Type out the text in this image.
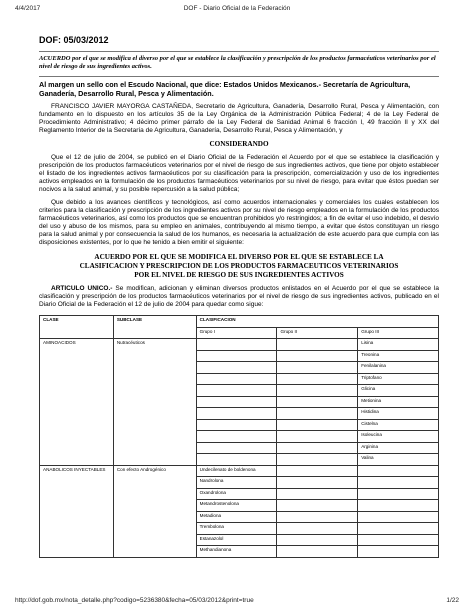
4/4/2017	DOF - Diario Oficial de la Federación
DOF: 05/03/2012
ACUERDO por el que se modifica el diverso por el que se establece la clasificación y prescripción de los productos farmacéuticos veterinarios por el nivel de riesgo de sus ingredientes activos.
Al margen un sello con el Escudo Nacional, que dice: Estados Unidos Mexicanos.- Secretaría de Agricultura, Ganadería, Desarrollo Rural, Pesca y Alimentación.

FRANCISCO JAVIER MAYORGA CASTAÑEDA, Secretario de Agricultura, Ganadería, Desarrollo Rural, Pesca y Alimentación, con fundamento en lo dispuesto en los artículos 35 de la Ley Orgánica de la Administración Pública Federal; 4 de la Ley Federal de Procedimiento Administrativo; 4 décimo primer párrafo de la Ley Federal de Sanidad Animal 6 fracción I, 49 fracción II y XX del Reglamento Interior de la Secretaría de Agricultura, Ganadería, Desarrollo Rural, Pesca y Alimentación, y

CONSIDERANDO

Que el 12 de julio de 2004, se publicó en el Diario Oficial de la Federación el Acuerdo por el que se establece la clasificación y prescripción de los productos farmacéuticos veterinarios por el nivel de riesgo de sus ingredientes activos, que tiene por objeto establecer el listado de los ingredientes activos farmacéuticos por su clasificación para la prescripción, comercialización y uso de los ingredientes activos empleados en la formulación de los productos farmacéuticos veterinarios por su nivel de riesgo, para evitar que éstos puedan ser nocivos a la salud animal, y su posible repercusión a la salud pública;

Que debido a los avances científicos y tecnológicos, así como acuerdos internacionales y comerciales los cuales establecen los criterios para la clasificación y prescripción de los ingredientes activos por su nivel de riesgo empleados en la formulación de los productos farmacéuticos veterinarios, así como los productos que se encuentran prohibidos y/o restringidos; a fin de evitar el uso indebido, el desvío del uso y abuso de los mismos, para su empleo en animales, contribuyendo al mismo tiempo, a evitar que éstos constituyan un riesgo para la salud animal y por consecuencia la salud de los humanos, es necesaria la actualización de este acuerdo para que cumpla con las disposiciones existentes, por lo que he tenido a bien emitir el siguiente:

ACUERDO POR EL QUE SE MODIFICA EL DIVERSO POR EL QUE SE ESTABLECE LA CLASIFICACION Y PRESCRIPCION DE LOS PRODUCTOS FARMACEUTICOS VETERINARIOS POR EL NIVEL DE RIESGO DE SUS INGREDIENTES ACTIVOS

ARTICULO UNICO.- Se modifican, adicionan y eliminan diversos productos enlistados en el Acuerdo por el que se establece la clasificación y prescripción de los productos farmacéuticos veterinarios por el nivel de riesgo de sus ingredientes activos, publicado en el Diario Oficial de la Federación el 12 de julio de 2004 para quedar como sigue:

CLASE	SUBCLASE	CLASIFICACION		
		Grupo I	Grupo II	Grupo III
AMINOACIDOS	Nutracéuticos			Lisina
				Treonina
				Fenilalanina
				Triptofano
				Glicina
				Metionina
				Histidina
				Cistelna
				Isoleucina
				Arginina
				Valina
ANABOLICOS INYECTABLES	Con efecto Androgénico	Undecilenato de boldenona		
		Nandrolona		
		Oxandrolona		
		Metandrostenolona		
		Metadiona		
		Trembolona		
		Estanazolol		
		Methandianona		
http://dof.gob.mx/nota_detalle.php?codigo=5236380&fecha=05/03/2012&print=true	1/22
